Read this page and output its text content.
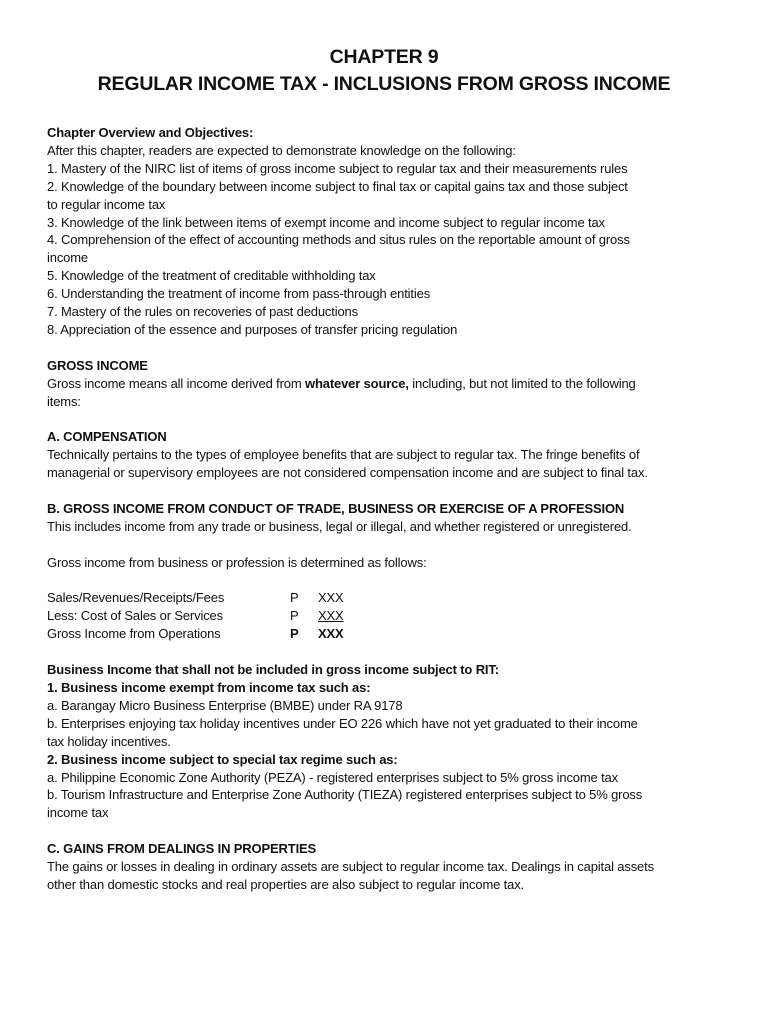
CHAPTER 9
REGULAR INCOME TAX - INCLUSIONS FROM GROSS INCOME
Chapter Overview and Objectives:
After this chapter, readers are expected to demonstrate knowledge on the following:
1. Mastery of the NIRC list of items of gross income subject to regular tax and their measurements rules
2. Knowledge of the boundary between income subject to final tax or capital gains tax and those subject
to regular income tax
3. Knowledge of the link between items of exempt income and income subject to regular income tax
4. Comprehension of the effect of accounting methods and situs rules on the reportable amount of gross
income
5. Knowledge of the treatment of creditable withholding tax
6. Understanding the treatment of income from pass-through entities
7. Mastery of the rules on recoveries of past deductions
8. Appreciation of the essence and purposes of transfer pricing regulation
GROSS INCOME
Gross income means all income derived from whatever source, including, but not limited to the following
items:
A. COMPENSATION
Technically pertains to the types of employee benefits that are subject to regular tax. The fringe benefits of
managerial or supervisory employees are not considered compensation income and are subject to final tax.
B. GROSS INCOME FROM CONDUCT OF TRADE, BUSINESS OR EXERCISE OF A PROFESSION
This includes income from any trade or business, legal or illegal, and whether registered or unregistered.
Gross income from business or profession is determined as follows:
Sales/Revenues/Receipts/Fees	P	XXX
Less: Cost of Sales or Services	P	XXX
Gross Income from Operations	P	XXX
Business Income that shall not be included in gross income subject to RIT:
1. Business income exempt from income tax such as:
a. Barangay Micro Business Enterprise (BMBE) under RA 9178
b. Enterprises enjoying tax holiday incentives under EO 226 which have not yet graduated to their income
tax holiday incentives.
2. Business income subject to special tax regime such as:
a. Philippine Economic Zone Authority (PEZA) - registered enterprises subject to 5% gross income tax
b. Tourism Infrastructure and Enterprise Zone Authority (TIEZA) registered enterprises subject to 5% gross
income tax
C. GAINS FROM DEALINGS IN PROPERTIES
The gains or losses in dealing in ordinary assets are subject to regular income tax. Dealings in capital assets
other than domestic stocks and real properties are also subject to regular income tax.
